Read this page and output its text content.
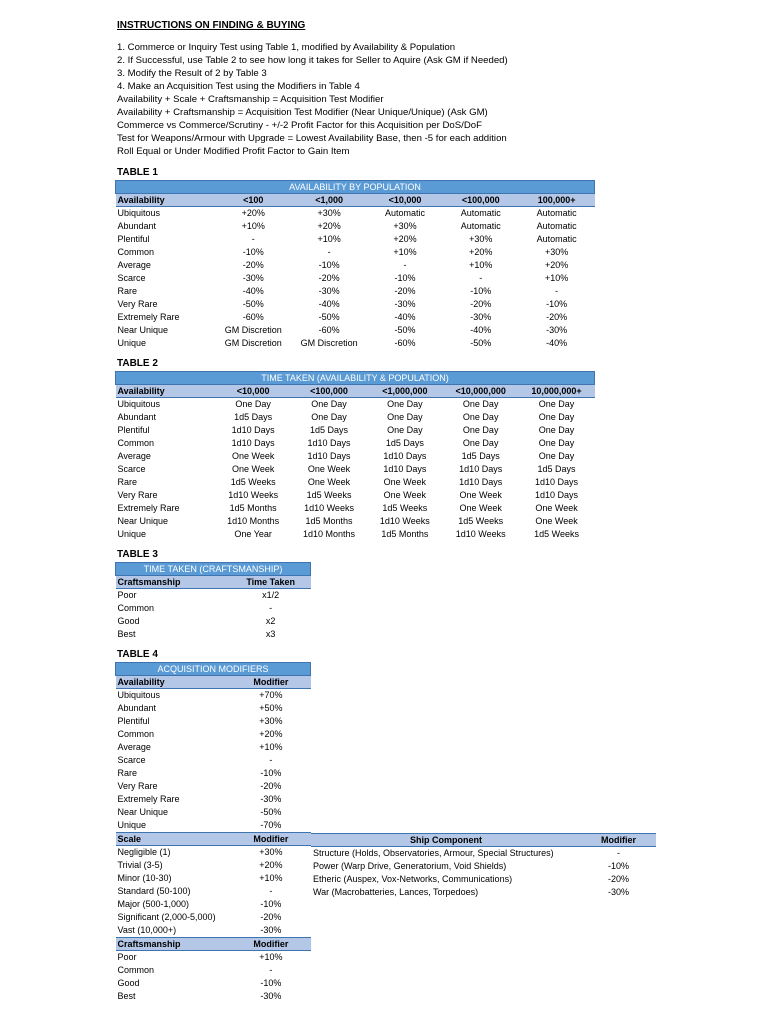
INSTRUCTIONS ON FINDING & BUYING
1. Commerce or Inquiry Test using Table 1, modified by Availability & Population
2. If Successful, use Table 2 to see how long it takes for Seller to Aquire (Ask GM if Needed)
3. Modify the Result of 2 by Table 3
4. Make an Acquisition Test using the Modifiers in Table 4
Availability + Scale + Craftsmanship = Acquisition Test Modifier
Availability + Craftsmanship = Acquisition Test Modifier (Near Unique/Unique) (Ask GM)
Commerce vs Commerce/Scrutiny - +/-2 Profit Factor for this Acquisition per DoS/DoF
Test for Weapons/Armour with Upgrade = Lowest Availability Base, then -5 for each addition
Roll Equal or Under Modified Profit Factor to Gain Item
TABLE 1
AVAILABILITY BY POPULATION					
Availability	<100	<1,000	<10,000	<100,000	100,000+
Ubiquitous	+20%	+30%	Automatic	Automatic	Automatic
Abundant	+10%	+20%	+30%	Automatic	Automatic
Plentiful	-	+10%	+20%	+30%	Automatic
Common	-10%	-	+10%	+20%	+30%
Average	-20%	-10%	-	+10%	+20%
Scarce	-30%	-20%	-10%	-	+10%
Rare	-40%	-30%	-20%	-10%	-
Very Rare	-50%	-40%	-30%	-20%	-10%
Extremely Rare	-60%	-50%	-40%	-30%	-20%
Near Unique	GM Discretion	-60%	-50%	-40%	-30%
Unique	GM Discretion	GM Discretion	-60%	-50%	-40%
TABLE 2
TIME TAKEN (AVAILABILITY & POPULATION)					
Availability	<10,000	<100,000	<1,000,000	<10,000,000	10,000,000+
Ubiquitous	One Day	One Day	One Day	One Day	One Day
Abundant	1d5 Days	One Day	One Day	One Day	One Day
Plentiful	1d10 Days	1d5 Days	One Day	One Day	One Day
Common	1d10 Days	1d10 Days	1d5 Days	One Day	One Day
Average	One Week	1d10 Days	1d10 Days	1d5 Days	One Day
Scarce	One Week	One Week	1d10 Days	1d10 Days	1d5 Days
Rare	1d5 Weeks	One Week	One Week	1d10 Days	1d10 Days
Very Rare	1d10 Weeks	1d5 Weeks	One Week	One Week	1d10 Days
Extremely Rare	1d5 Months	1d10 Weeks	1d5 Weeks	One Week	One Week
Near Unique	1d10 Months	1d5 Months	1d10 Weeks	1d5 Weeks	One Week
Unique	One Year	1d10 Months	1d5 Months	1d10 Weeks	1d5 Weeks
TABLE 3
TIME TAKEN (CRAFTSMANSHIP)	
Craftsmanship	Time Taken
Poor	x1/2
Common	-
Good	x2
Best	x3
TABLE 4
ACQUISITION MODIFIERS	
Availability	Modifier
Ubiquitous	+70%
Abundant	+50%
Plentiful	+30%
Common	+20%
Average	+10%
Scarce	-
Rare	-10%
Very Rare	-20%
Extremely Rare	-30%
Near Unique	-50%
Unique	-70%
Scale	Modifier
Negligible (1)	+30%
Trivial (3-5)	+20%
Minor (10-30)	+10%
Standard (50-100)	-
Major (500-1,000)	-10%
Significant (2,000-5,000)	-20%
Vast (10,000+)	-30%
Craftsmanship	Modifier
Poor	+10%
Common	-
Good	-10%
Best	-30%
Ship Component	Modifier
Structure (Holds, Observatories, Armour, Special Structures)	-
Power (Warp Drive, Generatorium, Void Shields)	-10%
Etheric (Auspex, Vox-Networks, Communications)	-20%
War (Macrobatteries, Lances, Torpedoes)	-30%
